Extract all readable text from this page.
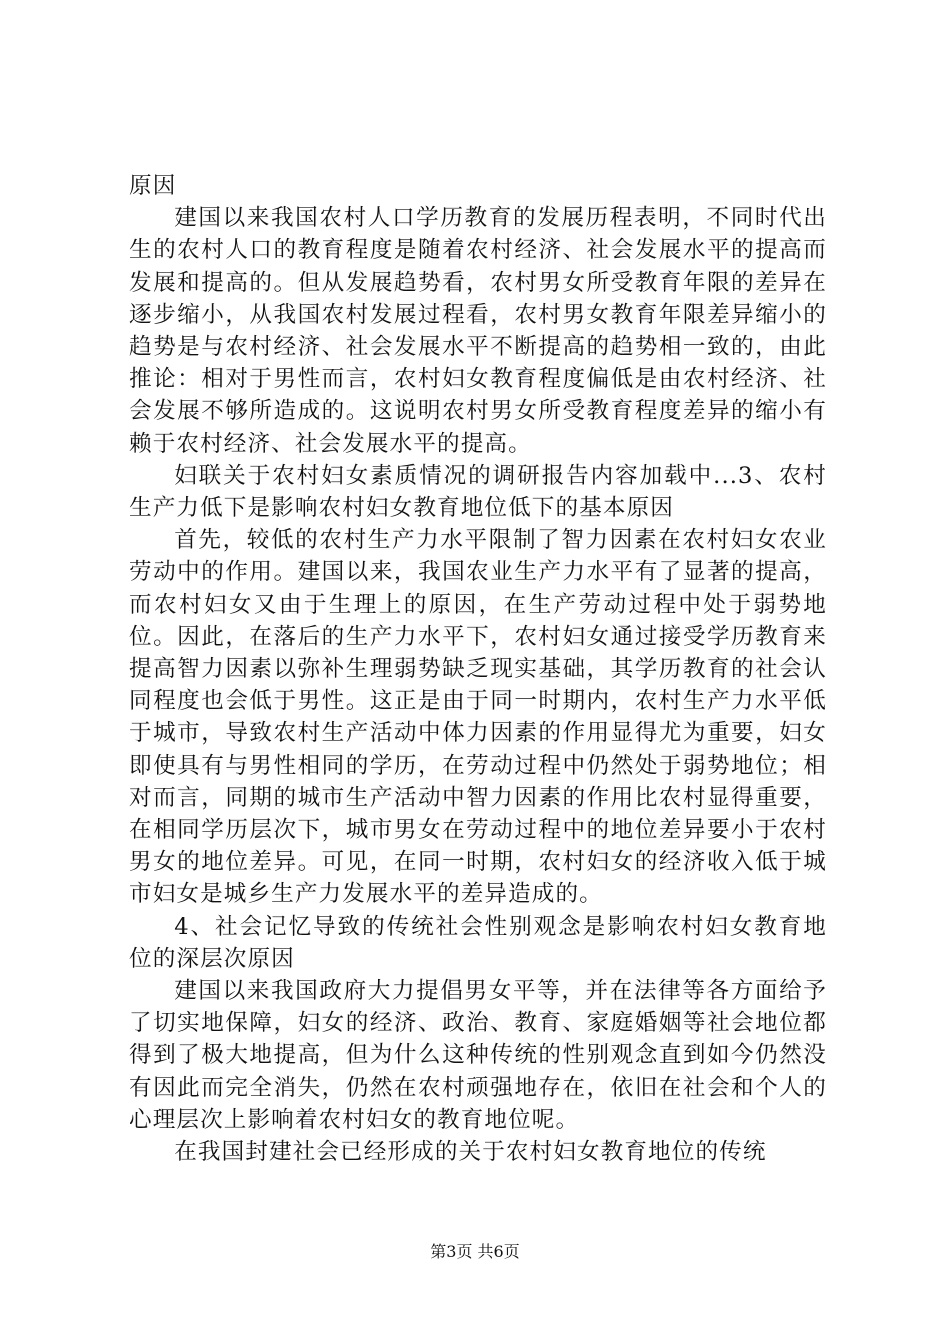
原因

建国以来我国农村人口学历教育的发展历程表明，不同时代出生的农村人口的教育程度是随着农村经济、社会发展水平的提高而发展和提高的。但从发展趋势看，农村男女所受教育年限的差异在逐步缩小，从我国农村发展过程看，农村男女教育年限差异缩小的趋势是与农村经济、社会发展水平不断提高的趋势相一致的，由此推论：相对于男性而言，农村妇女教育程度偏低是由农村经济、社会发展不够所造成的。这说明农村男女所受教育程度差异的缩小有赖于农村经济、社会发展水平的提高。

妇联关于农村妇女素质情况的调研报告内容加载中...3、农村生产力低下是影响农村妇女教育地位低下的基本原因

首先，较低的农村生产力水平限制了智力因素在农村妇女农业劳动中的作用。建国以来，我国农业生产力水平有了显著的提高，而农村妇女又由于生理上的原因，在生产劳动过程中处于弱势地位。因此，在落后的生产力水平下，农村妇女通过接受学历教育来提高智力因素以弥补生理弱势缺乏现实基础，其学历教育的社会认同程度也会低于男性。这正是由于同一时期内，农村生产力水平低于城市，导致农村生产活动中体力因素的作用显得尤为重要，妇女即使具有与男性相同的学历，在劳动过程中仍然处于弱势地位；相对而言，同期的城市生产活动中智力因素的作用比农村显得重要，在相同学历层次下，城市男女在劳动过程中的地位差异要小于农村男女的地位差异。可见，在同一时期，农村妇女的经济收入低于城市妇女是城乡生产力发展水平的差异造成的。

4、社会记忆导致的传统社会性别观念是影响农村妇女教育地位的深层次原因

建国以来我国政府大力提倡男女平等，并在法律等各方面给予了切实地保障，妇女的经济、政治、教育、家庭婚姻等社会地位都得到了极大地提高，但为什么这种传统的性别观念直到如今仍然没有因此而完全消失，仍然在农村顽强地存在，依旧在社会和个人的心理层次上影响着农村妇女的教育地位呢。

在我国封建社会已经形成的关于农村妇女教育地位的传统

第3页 共6页
